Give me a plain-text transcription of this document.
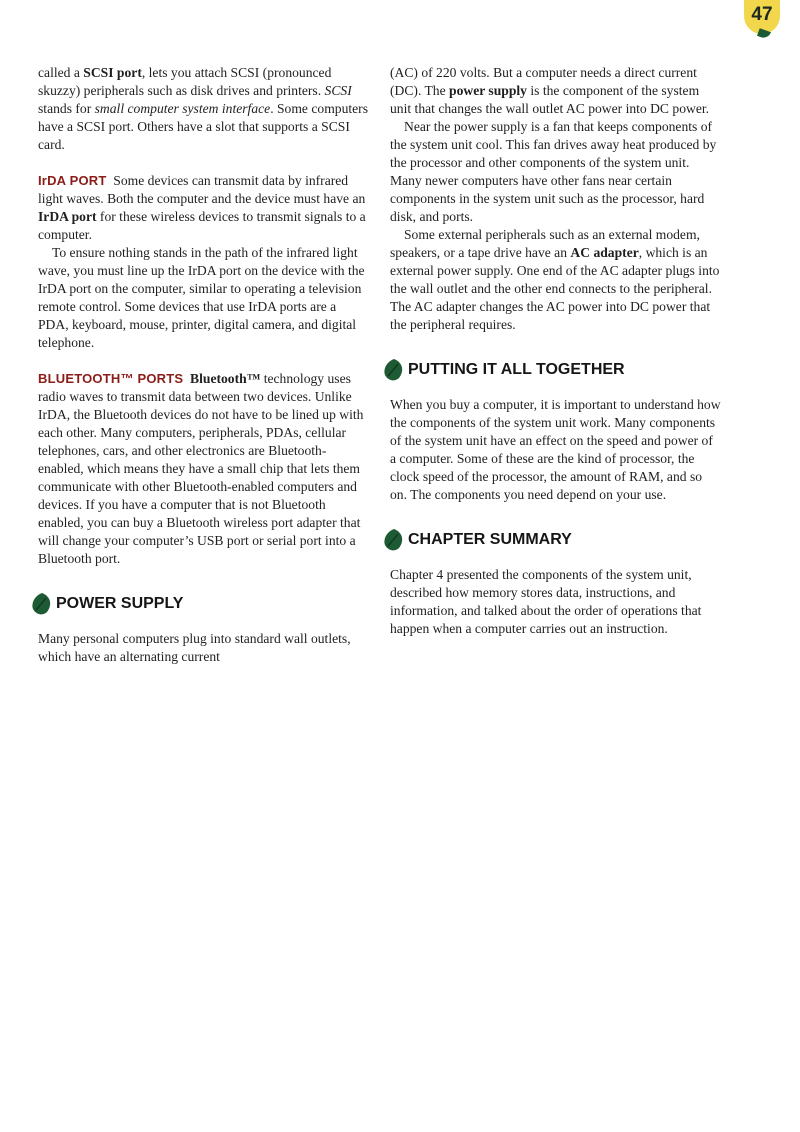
47

called a SCSI port, lets you attach SCSI (pronounced skuzzy) peripherals such as disk drives and printers. SCSI stands for small computer system interface. Some computers have a SCSI port. Others have a slot that supports a SCSI card.

IrDA PORT Some devices can transmit data by infrared light waves. Both the computer and the device must have an IrDA port for these wireless devices to transmit signals to a computer.

To ensure nothing stands in the path of the infrared light wave, you must line up the IrDA port on the device with the IrDA port on the computer, similar to operating a television remote control. Some devices that use IrDA ports are a PDA, keyboard, mouse, printer, digital camera, and digital telephone.

BLUETOOTH™ PORTS Bluetooth™ technology uses radio waves to transmit data between two devices. Unlike IrDA, the Bluetooth devices do not have to be lined up with each other. Many computers, peripherals, PDAs, cellular telephones, cars, and other electronics are Bluetooth-enabled, which means they have a small chip that lets them communicate with other Bluetooth-enabled computers and devices. If you have a computer that is not Bluetooth enabled, you can buy a Bluetooth wireless port adapter that will change your computer’s USB port or serial port into a Bluetooth port.

POWER SUPPLY

Many personal computers plug into standard wall outlets, which have an alternating current

(AC) of 220 volts. But a computer needs a direct current (DC). The power supply is the component of the system unit that changes the wall outlet AC power into DC power.

Near the power supply is a fan that keeps components of the system unit cool. This fan drives away heat produced by the processor and other components of the system unit. Many newer computers have other fans near certain components in the system unit such as the processor, hard disk, and ports.

Some external peripherals such as an external modem, speakers, or a tape drive have an AC adapter, which is an external power supply. One end of the AC adapter plugs into the wall outlet and the other end connects to the peripheral. The AC adapter changes the AC power into DC power that the peripheral requires.

PUTTING IT ALL TOGETHER

When you buy a computer, it is important to understand how the components of the system unit work. Many components of the system unit have an effect on the speed and power of a computer. Some of these are the kind of processor, the clock speed of the processor, the amount of RAM, and so on. The components you need depend on your use.

CHAPTER SUMMARY

Chapter 4 presented the components of the system unit, described how memory stores data, instructions, and information, and talked about the order of operations that happen when a computer carries out an instruction.
